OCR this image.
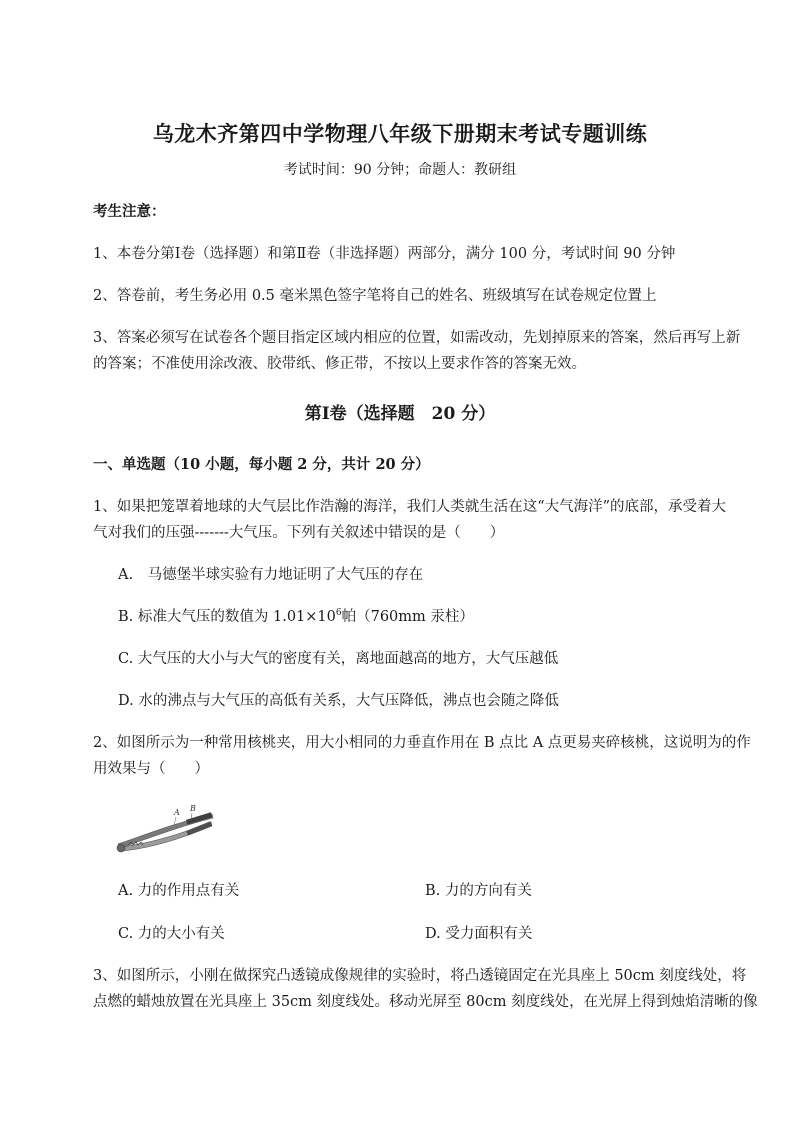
乌龙木齐第四中学物理八年级下册期末考试专题训练
考试时间：90 分钟；命题人：教研组
考生注意：
1、本卷分第Ⅰ卷（选择题）和第Ⅱ卷（非选择题）两部分，满分 100 分，考试时间 90 分钟
2、答卷前，考生务必用 0.5 毫米黑色签字笔将自己的姓名、班级填写在试卷规定位置上
3、答案必须写在试卷各个题目指定区域内相应的位置，如需改动，先划掉原来的答案，然后再写上新
的答案；不准使用涂改液、胶带纸、修正带，不按以上要求作答的答案无效。
第Ⅰ卷（选择题　20 分）
一、单选题（10 小题，每小题 2 分，共计 20 分）
1、如果把笼罩着地球的大气层比作浩瀚的海洋，我们人类就生活在这“大气海洋”的底部，承受着大
气对我们的压强-------大气压。下列有关叙述中错误的是（　　）
A.　马德堡半球实验有力地证明了大气压的存在
B. 标准大气压的数值为 $1.01\times 10^6$帕（760mm 汞柱）
C. 大气压的大小与大气的密度有关，离地面越高的地方，大气压越低
D. 水的沸点与大气压的高低有关系，大气压降低，沸点也会随之降低
2、如图所示为一种常用核桃夹，用大小相同的力垂直作用在 B 点比 A 点更易夹碎核桃，这说明为的作
用效果与（　　）
A B
A. 力的作用点有关	B. 力的方向有关
C. 力的大小有关	D. 受力面积有关
3、如图所示，小刚在做探究凸透镜成像规律的实验时，将凸透镜固定在光具座上 50cm 刻度线处，将
点燃的蜡烛放置在光具座上 35cm 刻度线处。移动光屏至 80cm 刻度线处，在光屏上得到烛焰清晰的像
